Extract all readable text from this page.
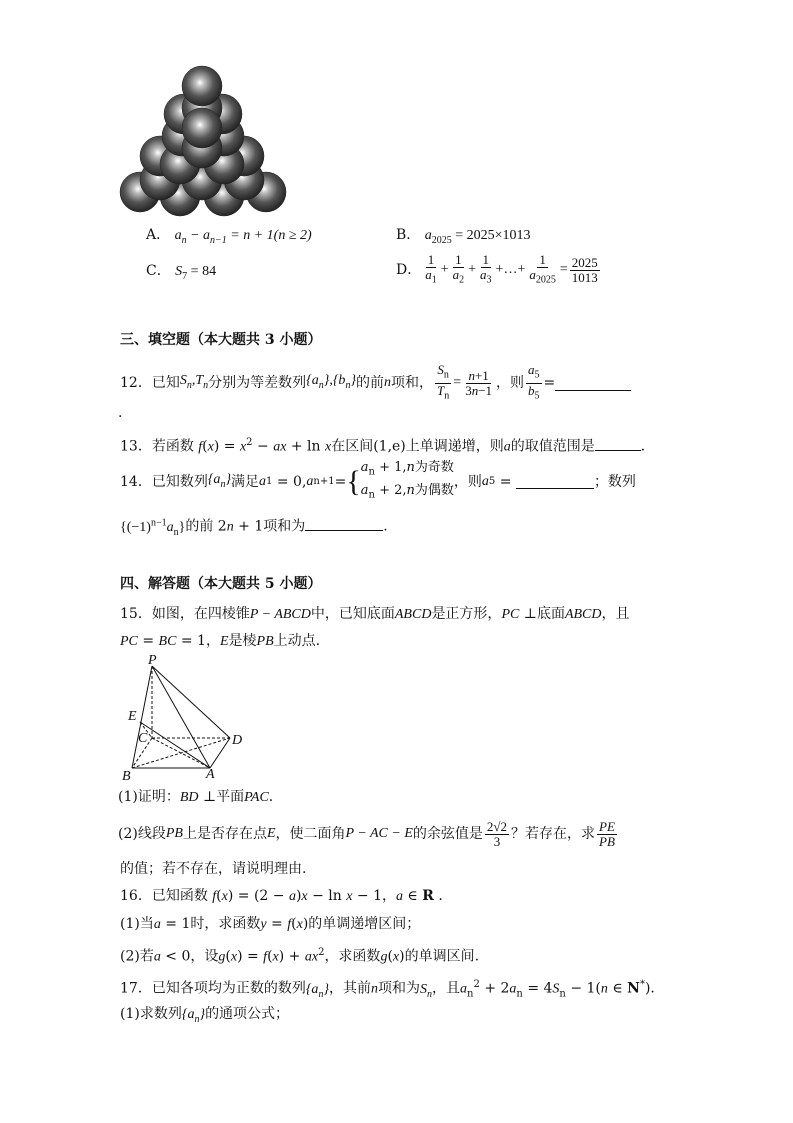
A． $a_n - a_{n-1} = n + 1(n \ge 2)$	B． $a_{2025} = 2025\times 1013$
C． $S_7 = 84$	D． $\frac{1}{a_1} + \frac{1}{a_2} + \frac{1}{a_3}$ +…+ $\frac{1}{a_{2025}} = \frac{2025}{1013}$
三、填空题（本大题共 3 小题）
12． 已知 $S_n,T_n$ 分别为等差数列 $\{a_n\},\{b_n\}$ 的前 n 项和， $\frac{S_n}{T_n} = \frac{n+1}{3n-1}$ ，则 $\frac{a_5}{b_5}$ =
.
13．若函数 $f(x) = x^2$ − ax + ln x在区间(1,e)上单调递增，则a的取值范围是	．
14． 已知数列 $\{a_n\}$ 满足 a 1 = 0, a n+1 = { $a_n + 1,n$为奇数
$a_n + 2,n$为偶数
，则 a 5 =	；数列
$\{(-1)^{n-1}a_n\}$的前 2n + 1项和为	.
四、解答题（本大题共 5 小题）
15．如图，在四棱锥P − ABCD中，已知底面ABCD是正方形，PC ⊥底面ABCD，且
PC = BC = 1，E是棱PB上动点.
P
E
C	D
B	A
(1)证明：BD ⊥平面PAC.
(2)线段 PB 上是否存在点 E ，使二面角 P − AC − E 的余弦值是 $\frac{2√2}{3}$ ？若存在，求 $\frac{PE}{PB}$
的值；若不存在，请说明理由.
16．已知函数 f(x) = (2 − a)x − ln x − 1，a ∈ R .
(1)当a = 1时，求函数y = f(x)的单调递增区间；
(2)若a < 0，设$g(x) = f(x) + ax^2$，求函数g(x)的单调区间.
17．已知各项均为正数的数列$\{a_n\}$，其前n项和为$S_n$，且$a_n^2 + 2a_n = 4S_n - 1(n$ ∈ N*).
(1)求数列$\{a_n\}$的通项公式；
